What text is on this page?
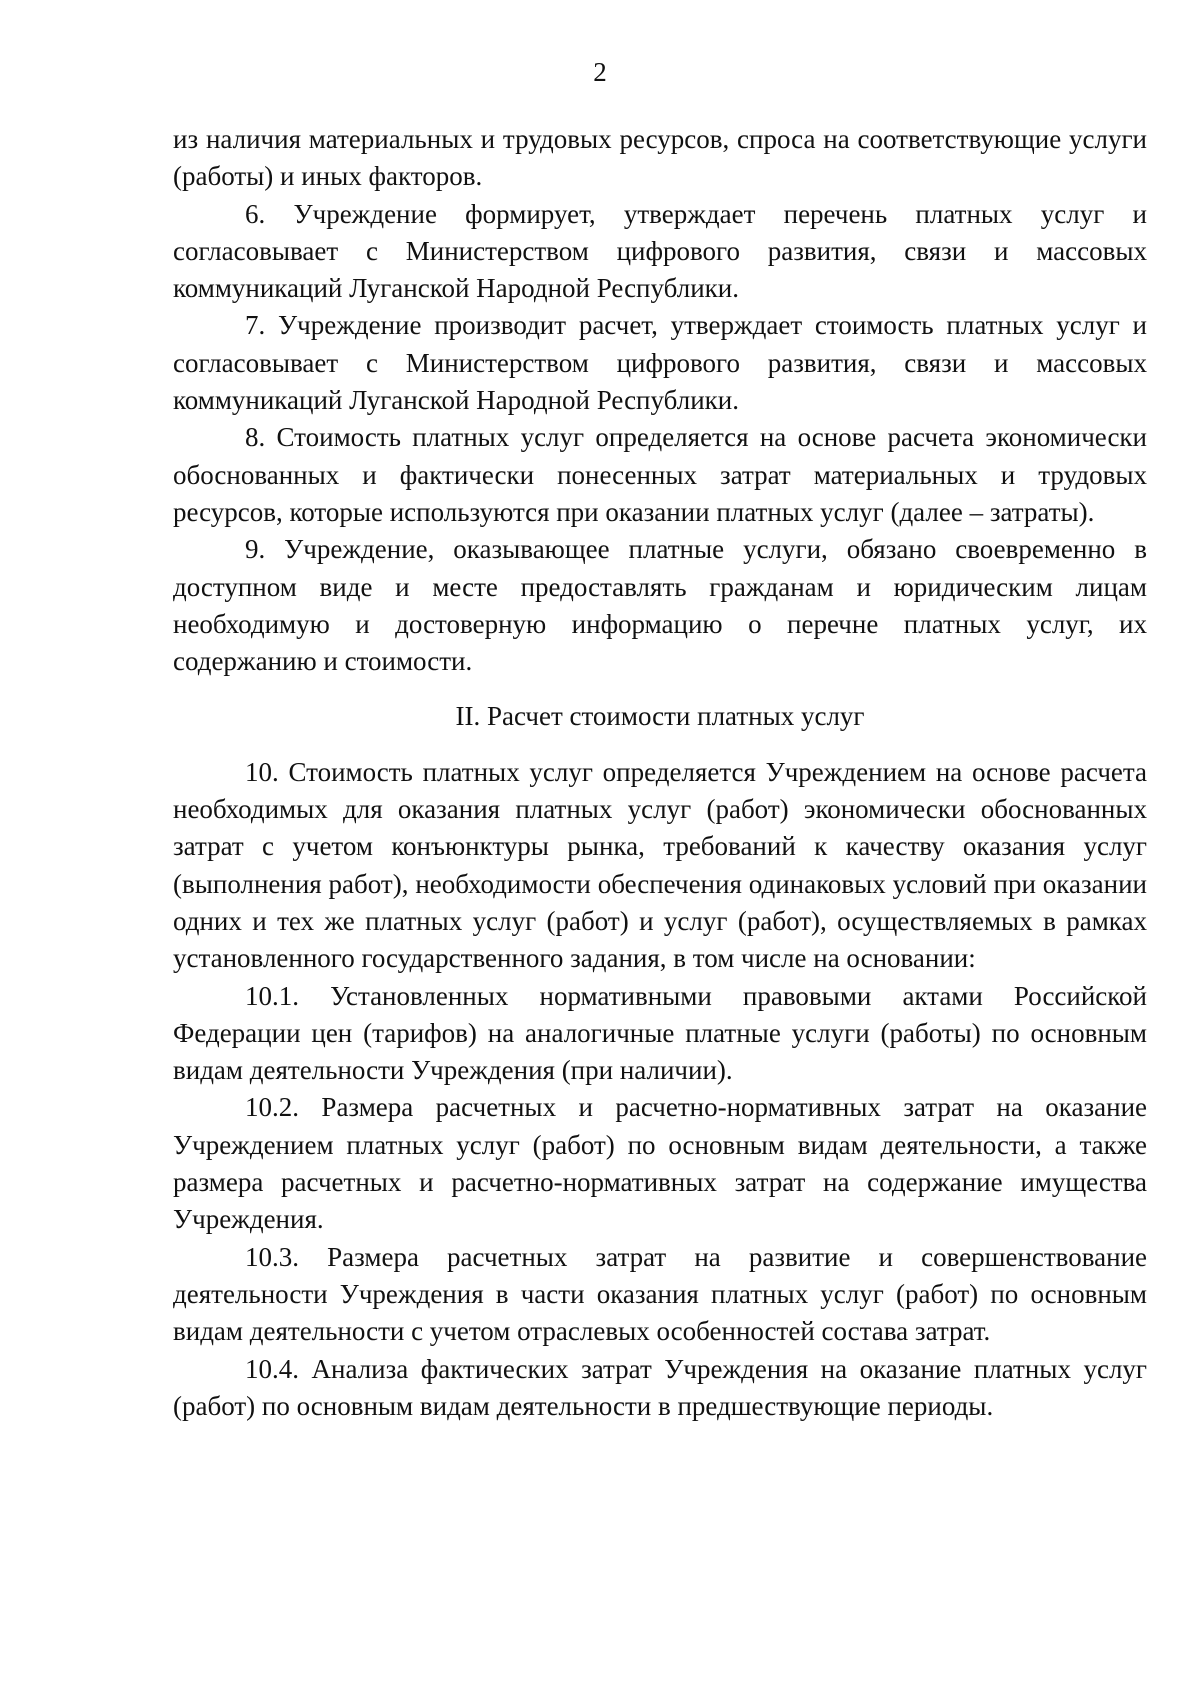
2

из наличия материальных и трудовых ресурсов, спроса на соответствующие услуги (работы) и иных факторов.

6. Учреждение формирует, утверждает перечень платных услуг и согласовывает с Министерством цифрового развития, связи и массовых коммуникаций Луганской Народной Республики.

7. Учреждение производит расчет, утверждает стоимость платных услуг и согласовывает с Министерством цифрового развития, связи и массовых коммуникаций Луганской Народной Республики.

8. Стоимость платных услуг определяется на основе расчета экономически обоснованных и фактически понесенных затрат материальных и трудовых ресурсов, которые используются при оказании платных услуг (далее – затраты).

9. Учреждение, оказывающее платные услуги, обязано своевременно в доступном виде и месте предоставлять гражданам и юридическим лицам необходимую и достоверную информацию о перечне платных услуг, их содержанию и стоимости.

II. Расчет стоимости платных услуг

10. Стоимость платных услуг определяется Учреждением на основе расчета необходимых для оказания платных услуг (работ) экономически обоснованных затрат с учетом конъюнктуры рынка, требований к качеству оказания услуг (выполнения работ), необходимости обеспечения одинаковых условий при оказании одних и тех же платных услуг (работ) и услуг (работ), осуществляемых в рамках установленного государственного задания, в том числе на основании:

10.1. Установленных нормативными правовыми актами Российской Федерации цен (тарифов) на аналогичные платные услуги (работы) по основным видам деятельности Учреждения (при наличии).

10.2. Размера расчетных и расчетно-нормативных затрат на оказание Учреждением платных услуг (работ) по основным видам деятельности, а также размера расчетных и расчетно-нормативных затрат на содержание имущества Учреждения.

10.3. Размера расчетных затрат на развитие и совершенствование деятельности Учреждения в части оказания платных услуг (работ) по основным видам деятельности с учетом отраслевых особенностей состава затрат.

10.4. Анализа фактических затрат Учреждения на оказание платных услуг (работ) по основным видам деятельности в предшествующие периоды.
